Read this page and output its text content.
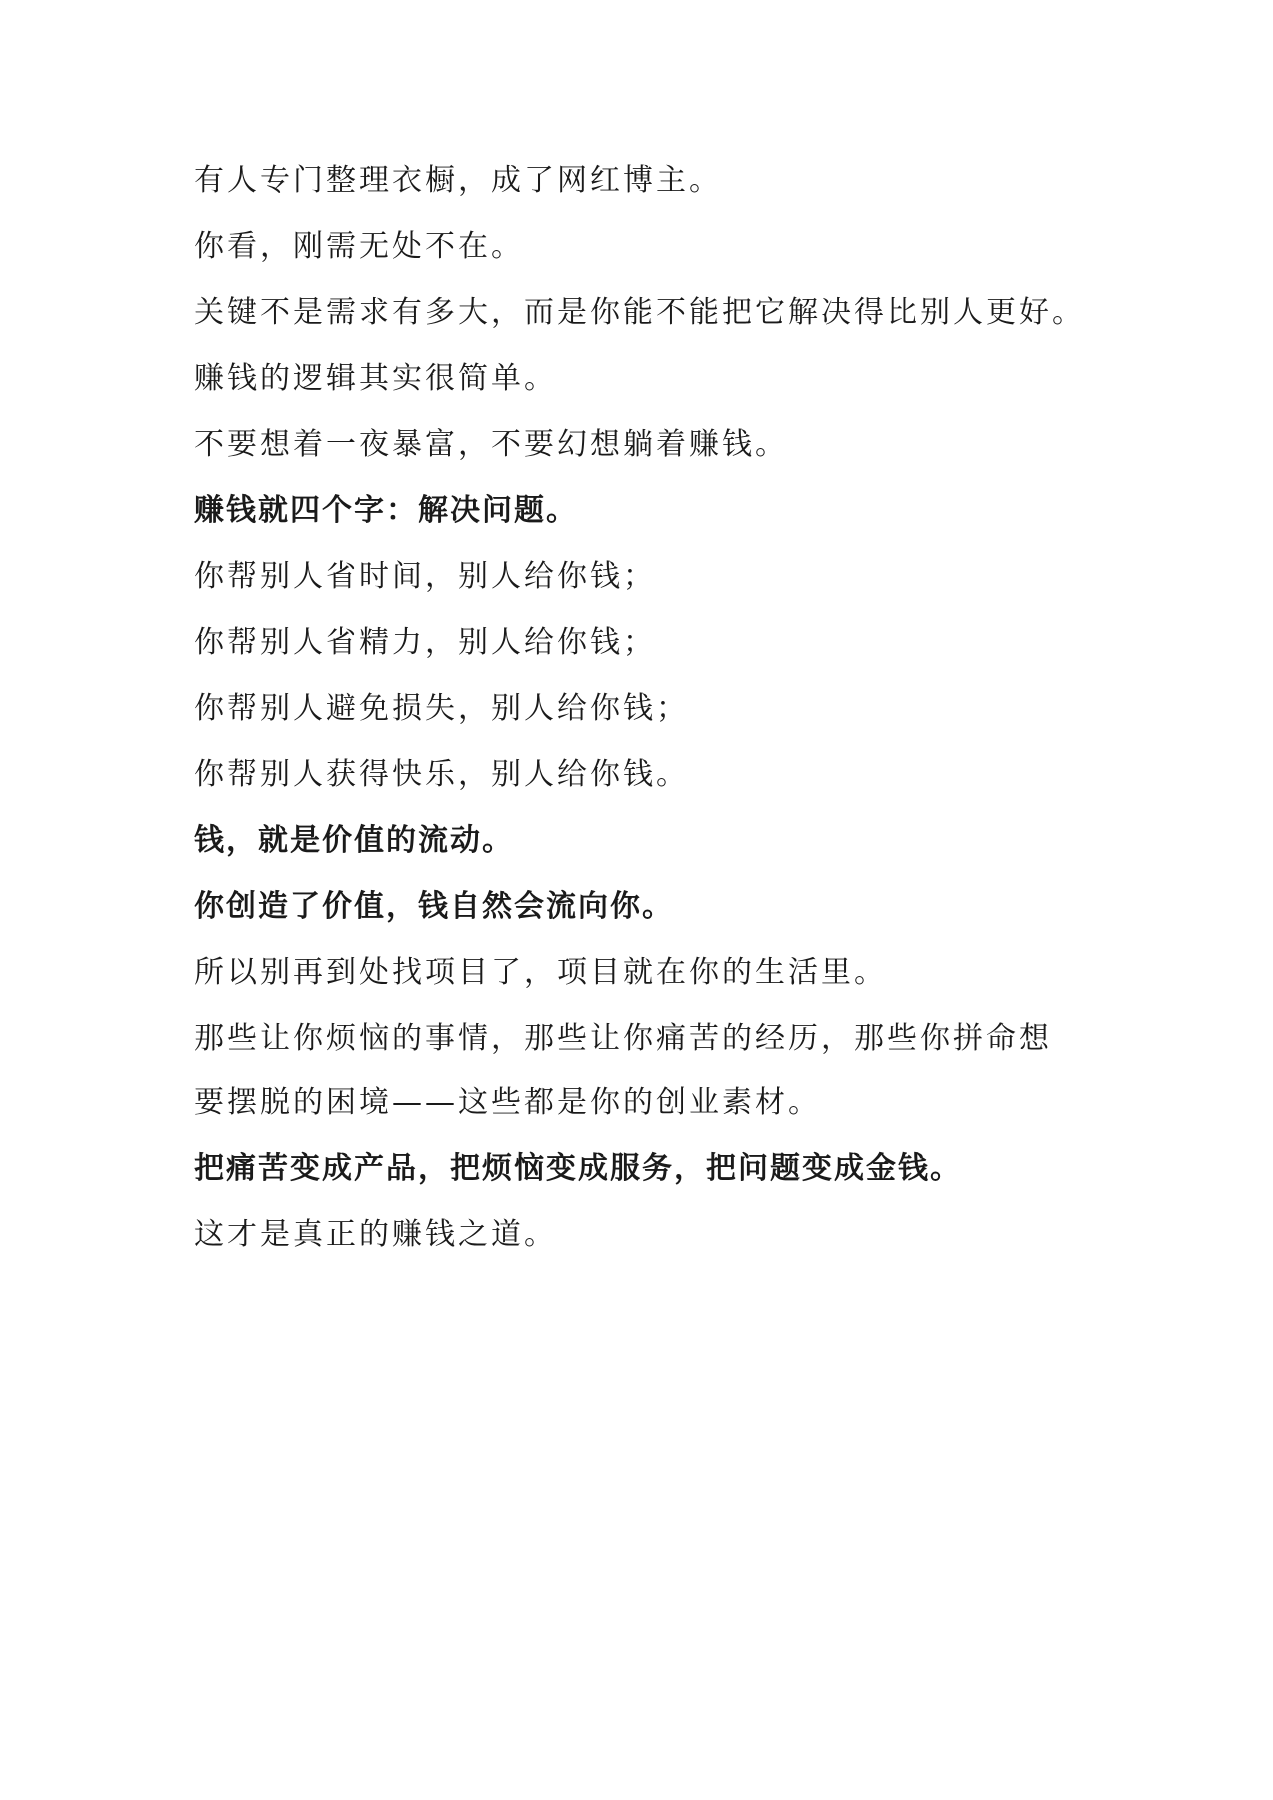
有人专门整理衣橱，成了网红博主。

你看，刚需无处不在。

关键不是需求有多大，而是你能不能把它解决得比别人更好。

赚钱的逻辑其实很简单。

不要想着一夜暴富，不要幻想躺着赚钱。

赚钱就四个字：解决问题。

你帮别人省时间，别人给你钱；

你帮别人省精力，别人给你钱；

你帮别人避免损失，别人给你钱；

你帮别人获得快乐，别人给你钱。

钱，就是价值的流动。

你创造了价值，钱自然会流向你。

所以别再到处找项目了，项目就在你的生活里。

那些让你烦恼的事情，那些让你痛苦的经历，那些你拼命想

要摆脱的困境——这些都是你的创业素材。

把痛苦变成产品，把烦恼变成服务，把问题变成金钱。

这才是真正的赚钱之道。
